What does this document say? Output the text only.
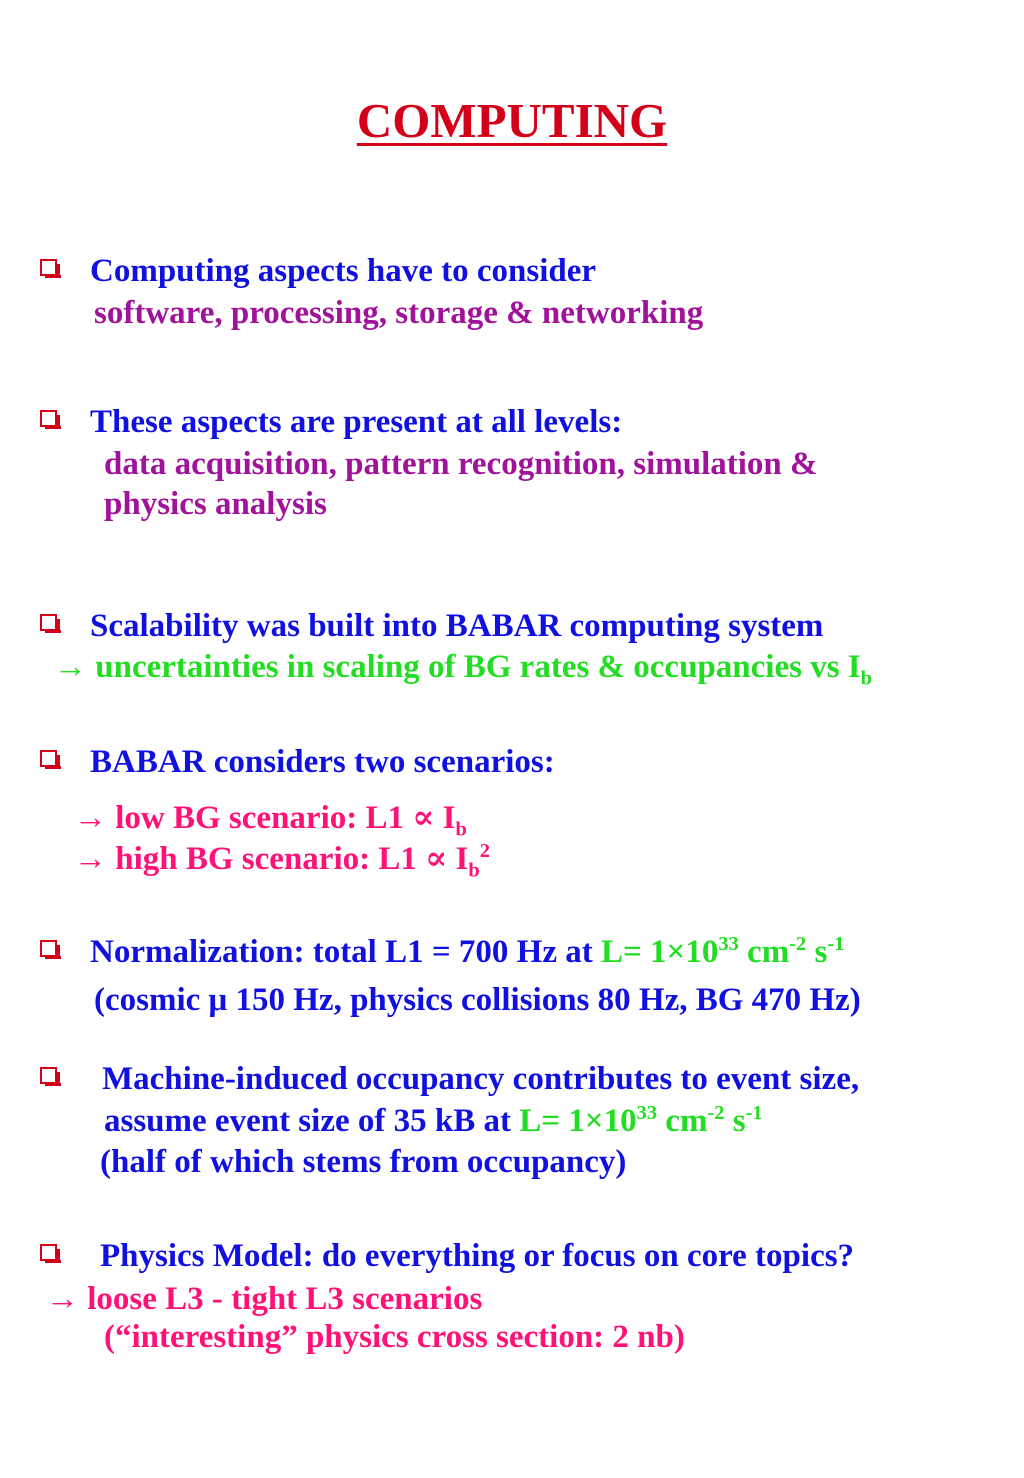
COMPUTING
Computing aspects have to consider
software, processing, storage & networking
These aspects are present at all levels:
data acquisition, pattern recognition, simulation &
physics analysis
Scalability was built into BABAR computing system
→ uncertainties in scaling of BG rates & occupancies vs $I_b$
BABAR considers two scenarios:
→ low BG scenario: $L1 \propto I_b$
→ high BG scenario: $L1 \propto I_b^2$
Normalization: total L1 = 700 Hz at $L= 1\times 10^{33}$ $cm^{-2}$ $s^{-1}$
(cosmic μ 150 Hz, physics collisions 80 Hz, BG 470 Hz)
Machine-induced occupancy contributes to event size,
assume event size of 35 kB at $L= 1\times 10^{33}$ $cm^{-2}$ $s^{-1}$
(half of which stems from occupancy)
Physics Model: do everything or focus on core topics?
→ loose L3 - tight L3 scenarios
(“interesting” physics cross section: 2 nb)
